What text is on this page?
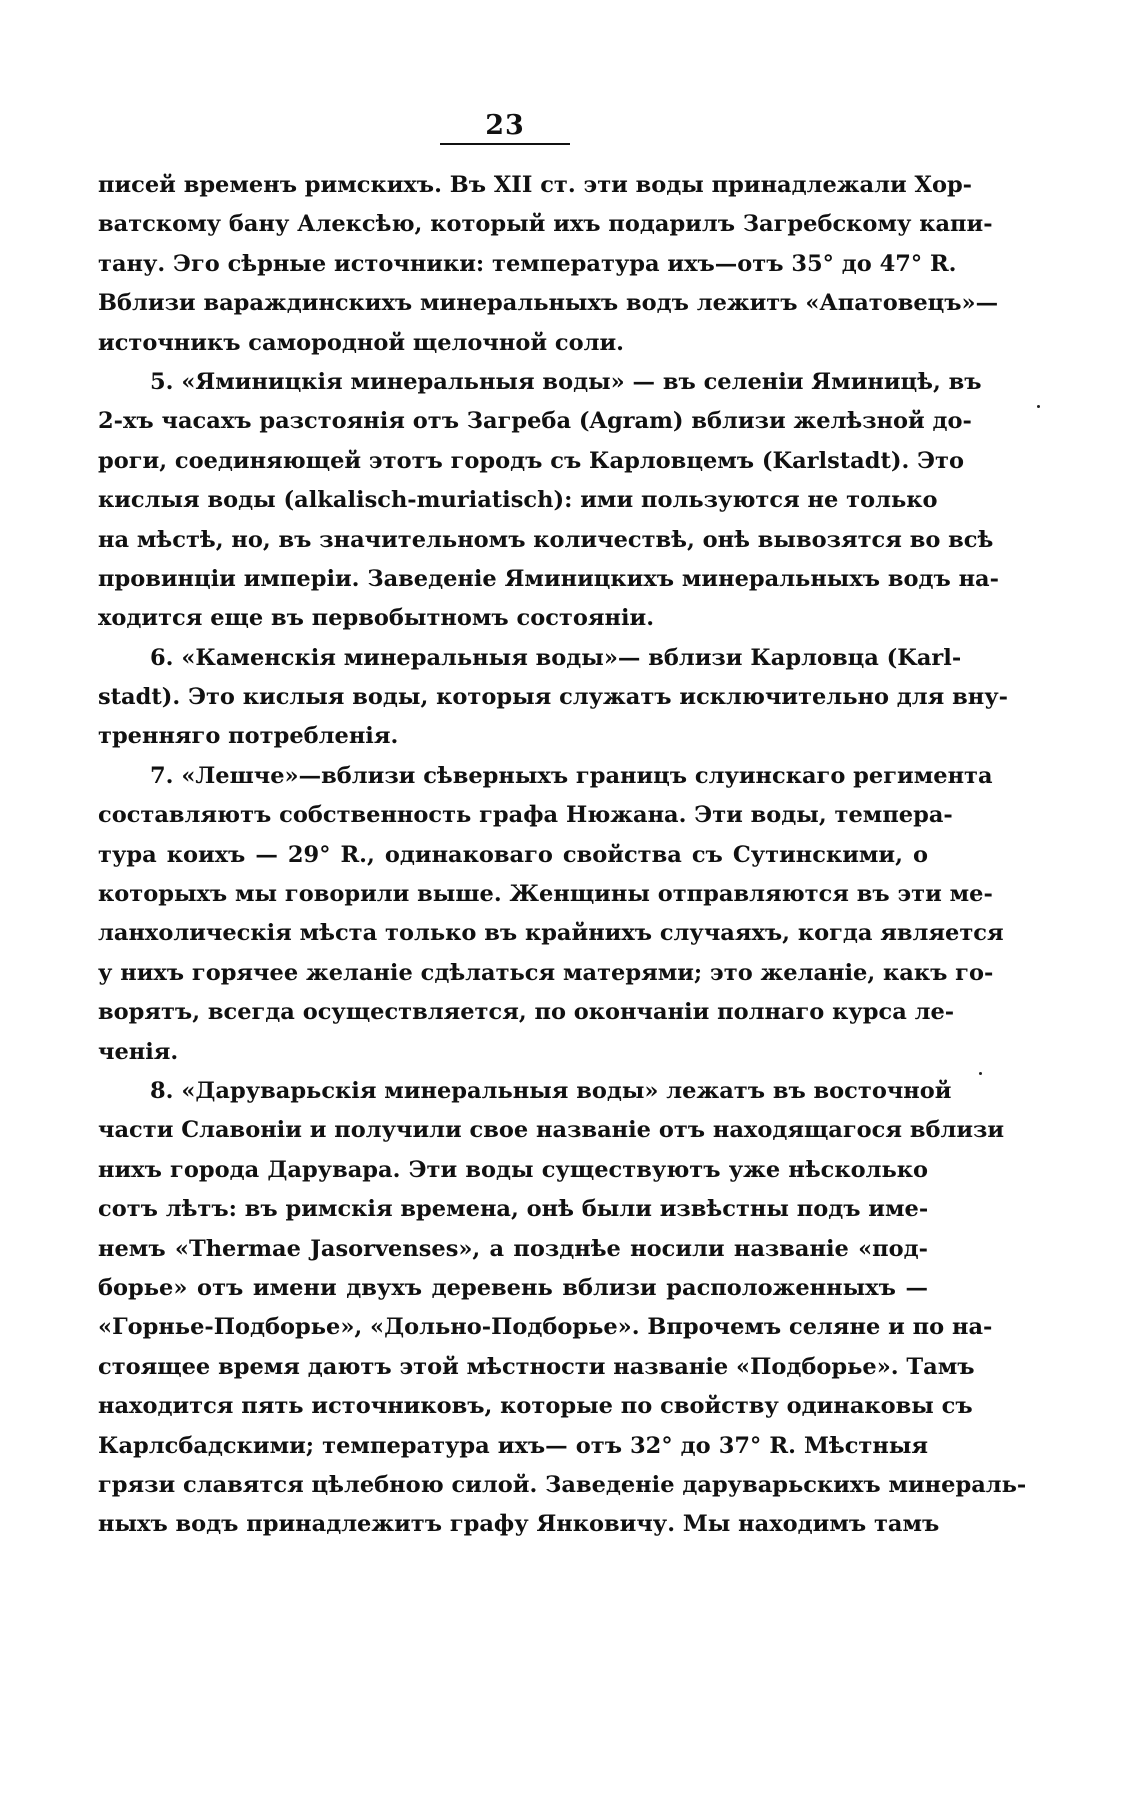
23
писей временъ римскихъ. Въ XII ст. эти воды принадлежали Хор-
ватскому бану Алексѣю, который ихъ подарилъ Загребскому капи-
тану. Эго сѣрные источники: температура ихъ—отъ 35° до 47° R.
Вблизи вараждинскихъ минеральныхъ водъ лежитъ «Апатовецъ»—
источникъ самородной щелочной соли.
5. «Яминицкія минеральныя воды» — въ селеніи Яминицѣ, въ
2-хъ часахъ разстоянія отъ Загреба (Agram) вблизи желѣзной до-
роги, соединяющей этотъ городъ съ Карловцемъ (Karlstadt). Это
кислыя воды (alkalisch-muriatisch): ими пользуются не только
на мѣстѣ, но, въ значительномъ количествѣ, онѣ вывозятся во всѣ
провинціи имперіи. Заведеніе Яминицкихъ минеральныхъ водъ на-
ходится еще въ первобытномъ состояніи.
6. «Каменскія минеральныя воды»— вблизи Карловца (Karl-
stadt). Это кислыя воды, которыя служатъ исключительно для вну-
тренняго потребленія.
7. «Лешче»—вблизи сѣверныхъ границъ слуинскаго регимента
составляютъ собственность графа Нюжана. Эти воды, темпера-
тура коихъ — 29° R., одинаковаго свойства съ Сутинскими, о
которыхъ мы говорили выше. Женщины отправляются въ эти ме-
ланхолическія мѣста только въ крайнихъ случаяхъ, когда является
у нихъ горячее желаніе сдѣлаться матерями; это желаніе, какъ го-
ворятъ, всегда осуществляется, по окончаніи полнаго курса ле-
ченія.
8. «Даруварьскія минеральныя воды» лежатъ въ восточной
части Славоніи и получили свое названіе отъ находящагося вблизи
нихъ города Дарувара. Эти воды существуютъ уже нѣсколько
сотъ лѣтъ: въ римскія времена, онѣ были извѣстны подъ име-
немъ «Thermae Jasorvenses», а позднѣе носили названіе «под-
борье» отъ имени двухъ деревень вблизи расположенныхъ —
«Горнье-Подборье», «Дольно-Подборье». Впрочемъ селяне и по на-
стоящее время даютъ этой мѣстности названіе «Подборье». Тамъ
находится пять источниковъ, которые по свойству одинаковы съ
Карлсбадскими; температура ихъ— отъ 32° до 37° R. Мѣстныя
грязи славятся цѣлебною силой. Заведеніе даруварьскихъ минераль-
ныхъ водъ принадлежитъ графу Янковичу. Мы находимъ тамъ
